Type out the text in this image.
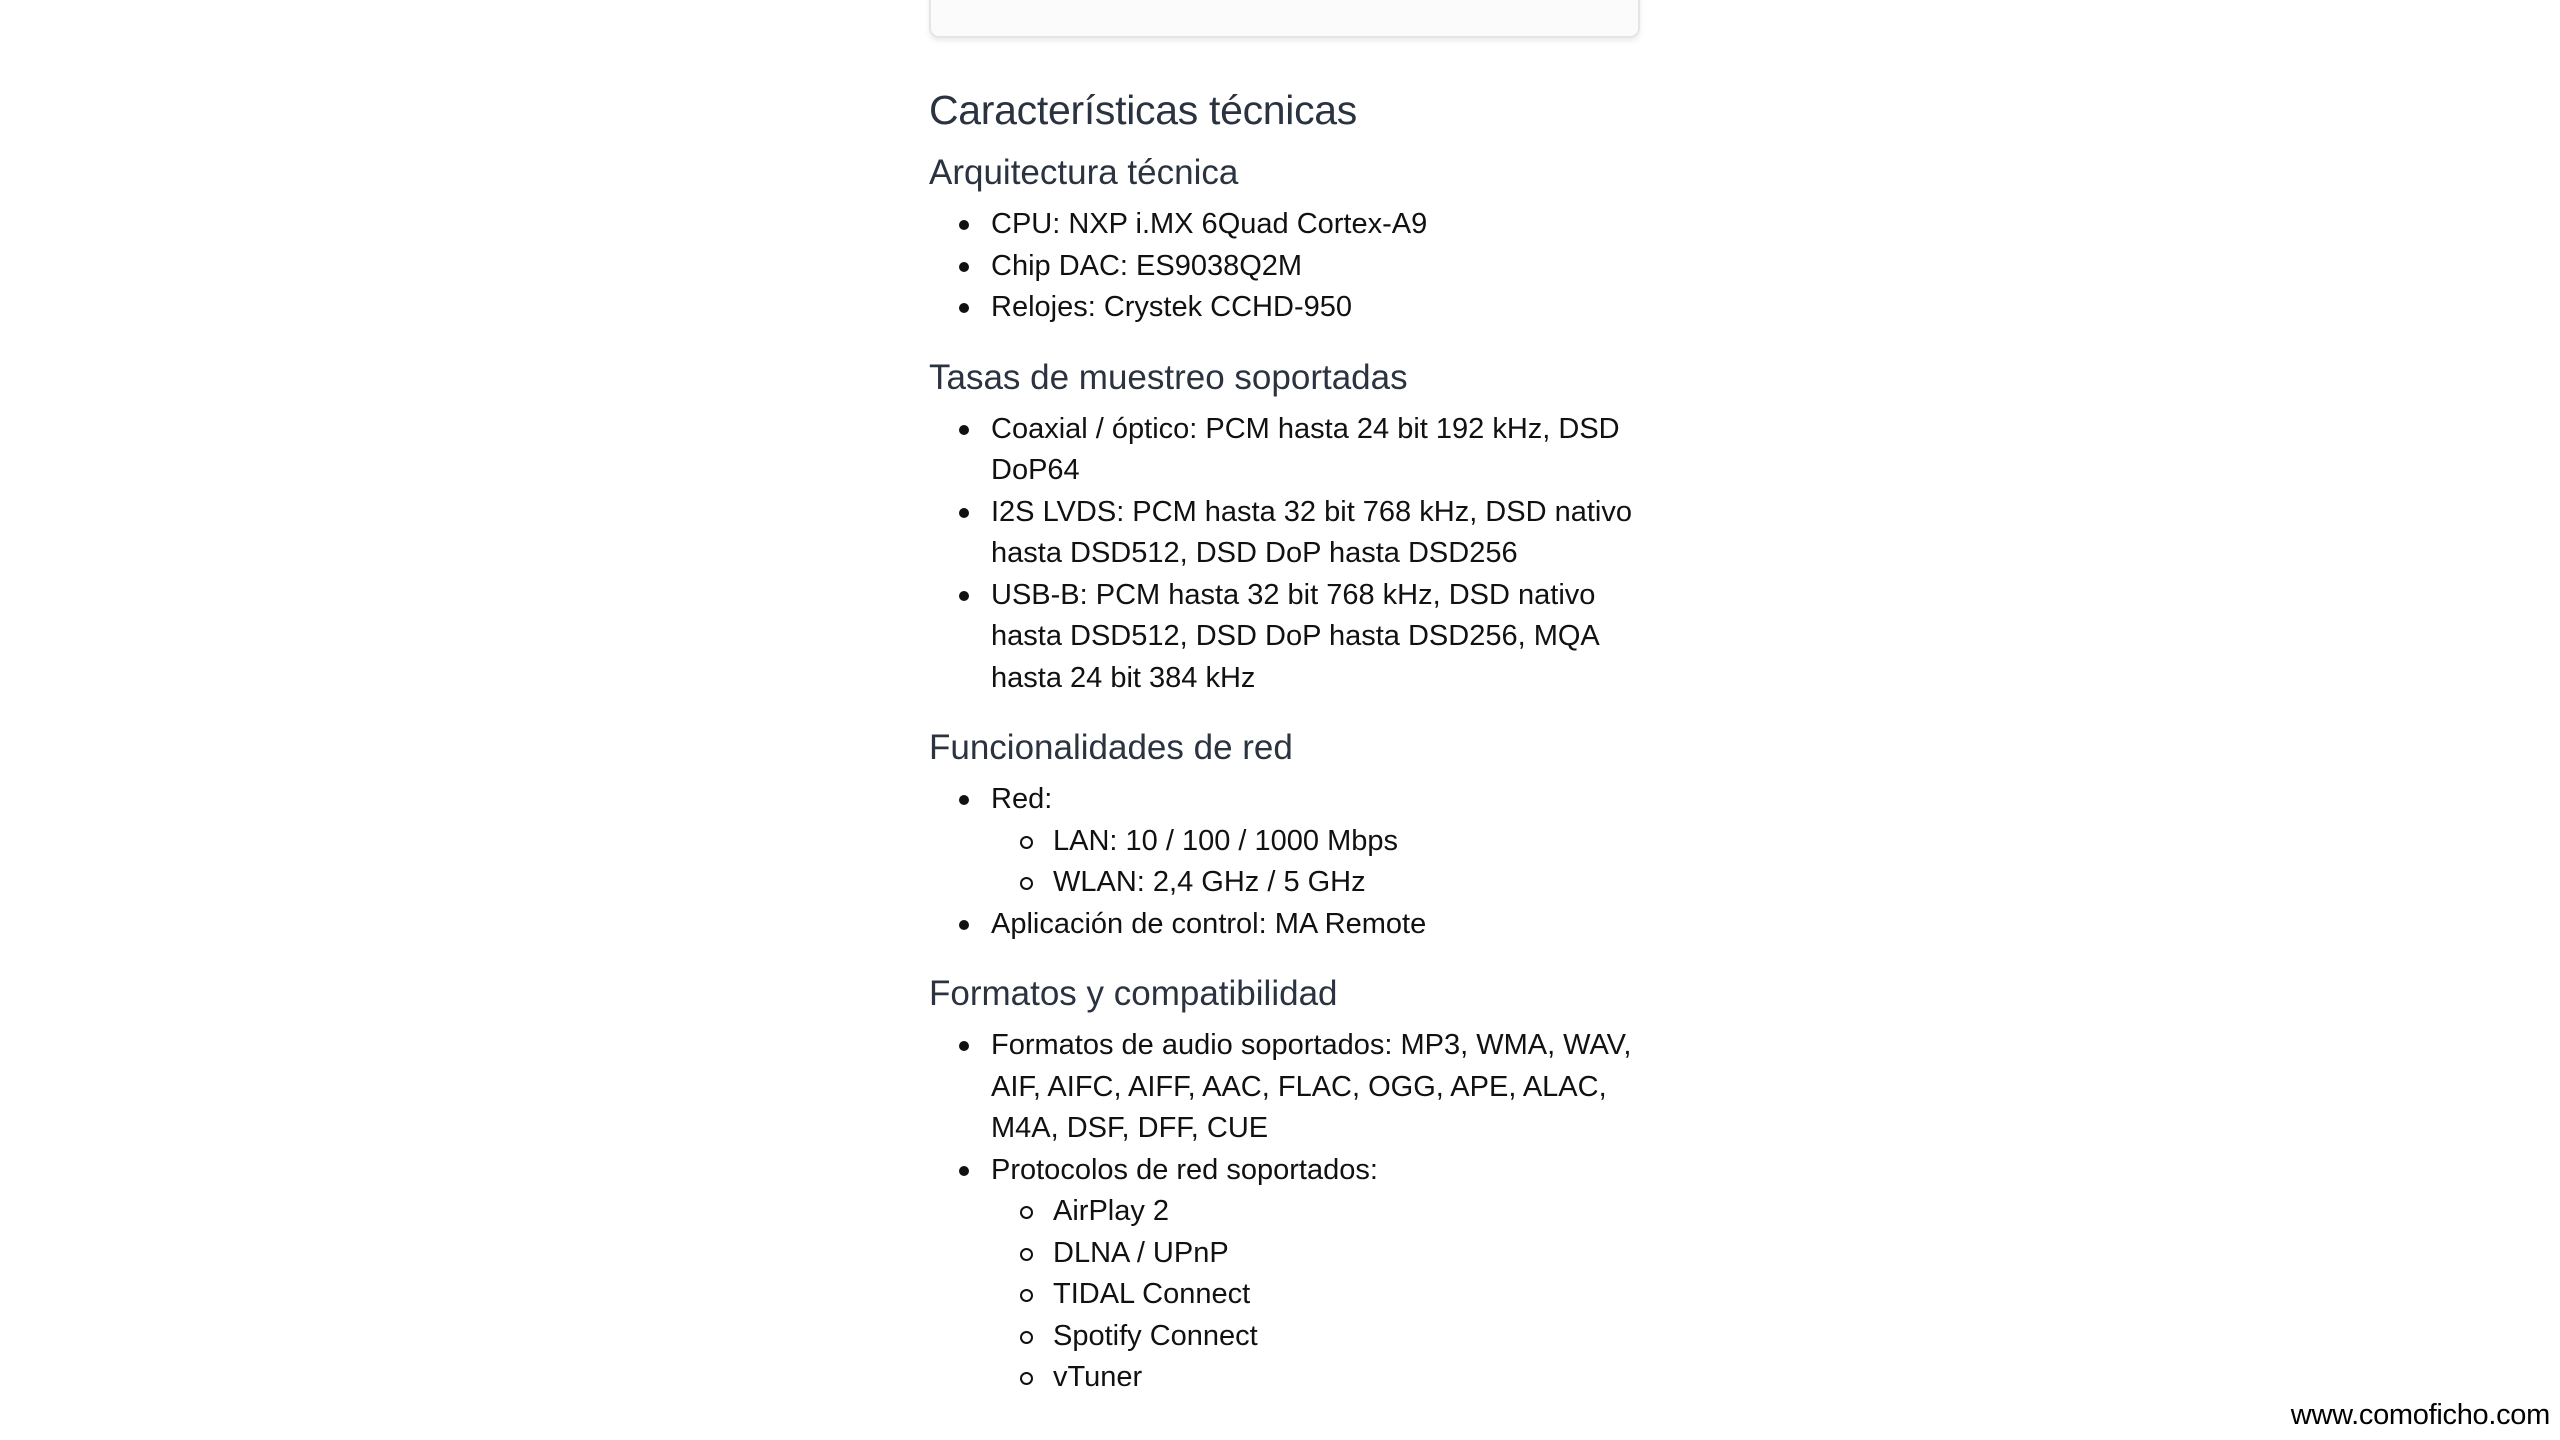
Características técnicas
Arquitectura técnica
CPU: NXP i.MX 6Quad Cortex-A9
Chip DAC: ES9038Q2M
Relojes: Crystek CCHD-950
Tasas de muestreo soportadas
Coaxial / óptico: PCM hasta 24 bit 192 kHz, DSD DoP64
I2S LVDS: PCM hasta 32 bit 768 kHz, DSD nativo hasta DSD512, DSD DoP hasta DSD256
USB-B: PCM hasta 32 bit 768 kHz, DSD nativo hasta DSD512, DSD DoP hasta DSD256, MQA hasta 24 bit 384 kHz
Funcionalidades de red
Red:
LAN: 10 / 100 / 1000 Mbps
WLAN: 2,4 GHz / 5 GHz
Aplicación de control: MA Remote
Formatos y compatibilidad
Formatos de audio soportados: MP3, WMA, WAV, AIF, AIFC, AIFF, AAC, FLAC, OGG, APE, ALAC, M4A, DSF, DFF, CUE
Protocolos de red soportados:
AirPlay 2
DLNA / UPnP
TIDAL Connect
Spotify Connect
vTuner
www.comoficho.com
